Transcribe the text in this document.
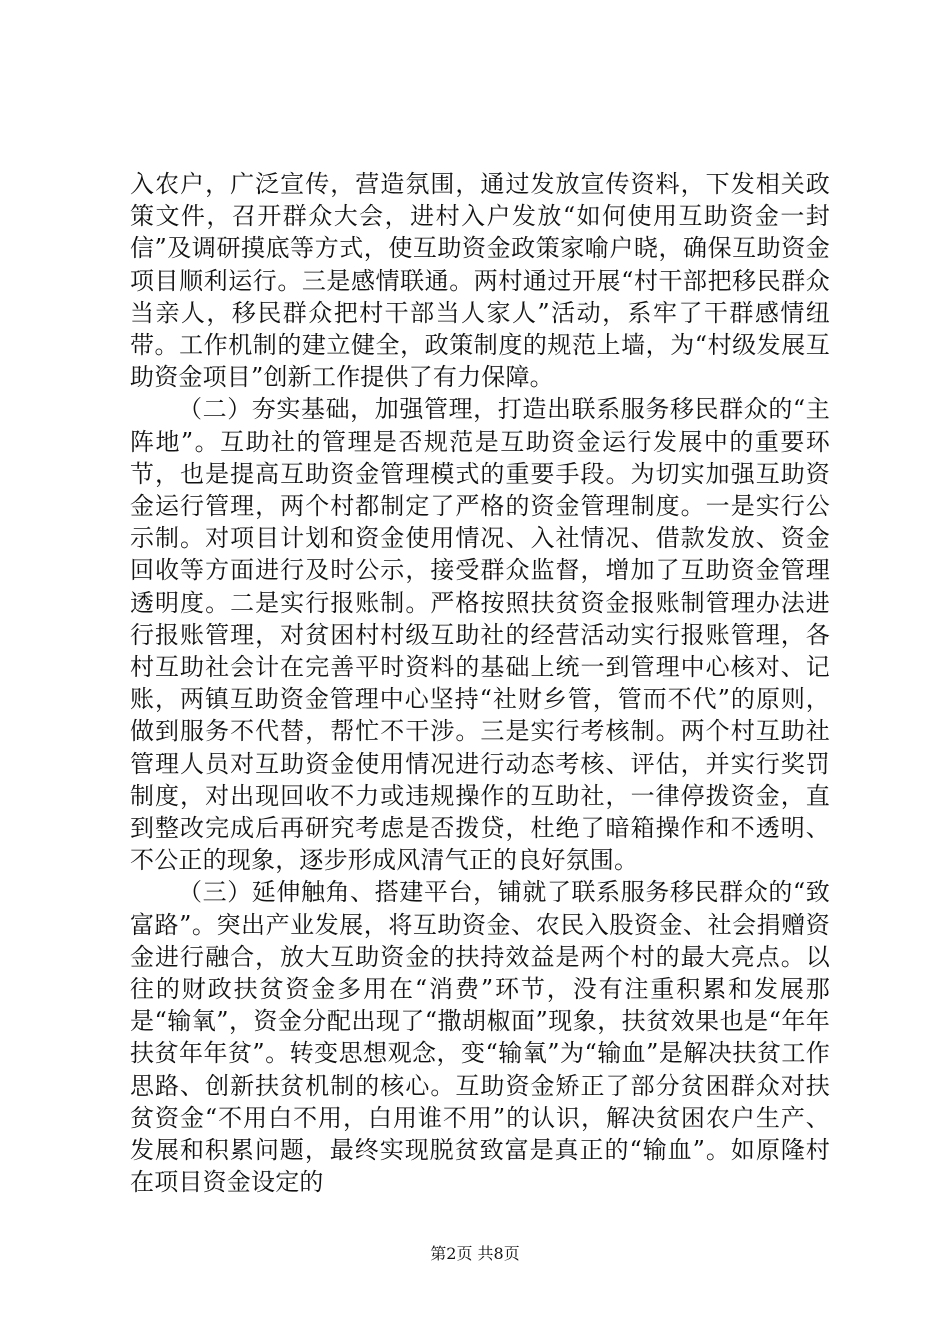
入农户，广泛宣传，营造氛围，通过发放宣传资料，下发相关政策文件，召开群众大会，进村入户发放“如何使用互助资金一封信”及调研摸底等方式，使互助资金政策家喻户晓，确保互助资金项目顺利运行。三是感情联通。两村通过开展“村干部把移民群众当亲人，移民群众把村干部当人家人”活动，系牢了干群感情纽带。工作机制的建立健全，政策制度的规范上墙，为“村级发展互助资金项目”创新工作提供了有力保障。

（二）夯实基础，加强管理，打造出联系服务移民群众的“主阵地”。互助社的管理是否规范是互助资金运行发展中的重要环节，也是提高互助资金管理模式的重要手段。为切实加强互助资金运行管理，两个村都制定了严格的资金管理制度。一是实行公示制。对项目计划和资金使用情况、入社情况、借款发放、资金回收等方面进行及时公示，接受群众监督，增加了互助资金管理透明度。二是实行报账制。严格按照扶贫资金报账制管理办法进行报账管理，对贫困村村级互助社的经营活动实行报账管理，各村互助社会计在完善平时资料的基础上统一到管理中心核对、记账，两镇互助资金管理中心坚持“社财乡管，管而不代”的原则，做到服务不代替，帮忙不干涉。三是实行考核制。两个村互助社管理人员对互助资金使用情况进行动态考核、评估，并实行奖罚制度，对出现回收不力或违规操作的互助社，一律停拨资金，直到整改完成后再研究考虑是否拨贷，杜绝了暗箱操作和不透明、不公正的现象，逐步形成风清气正的良好氛围。

（三）延伸触角、搭建平台，铺就了联系服务移民群众的“致富路”。突出产业发展，将互助资金、农民入股资金、社会捐赠资金进行融合，放大互助资金的扶持效益是两个村的最大亮点。以往的财政扶贫资金多用在“消费”环节，没有注重积累和发展那是“输氧”，资金分配出现了“撒胡椒面”现象，扶贫效果也是“年年扶贫年年贫”。转变思想观念，变“输氧”为“输血”是解决扶贫工作思路、创新扶贫机制的核心。互助资金矫正了部分贫困群众对扶贫资金“不用白不用，白用谁不用”的认识，解决贫困农户生产、发展和积累问题，最终实现脱贫致富是真正的“输血”。如原隆村在项目资金设定的

第2页 共8页
